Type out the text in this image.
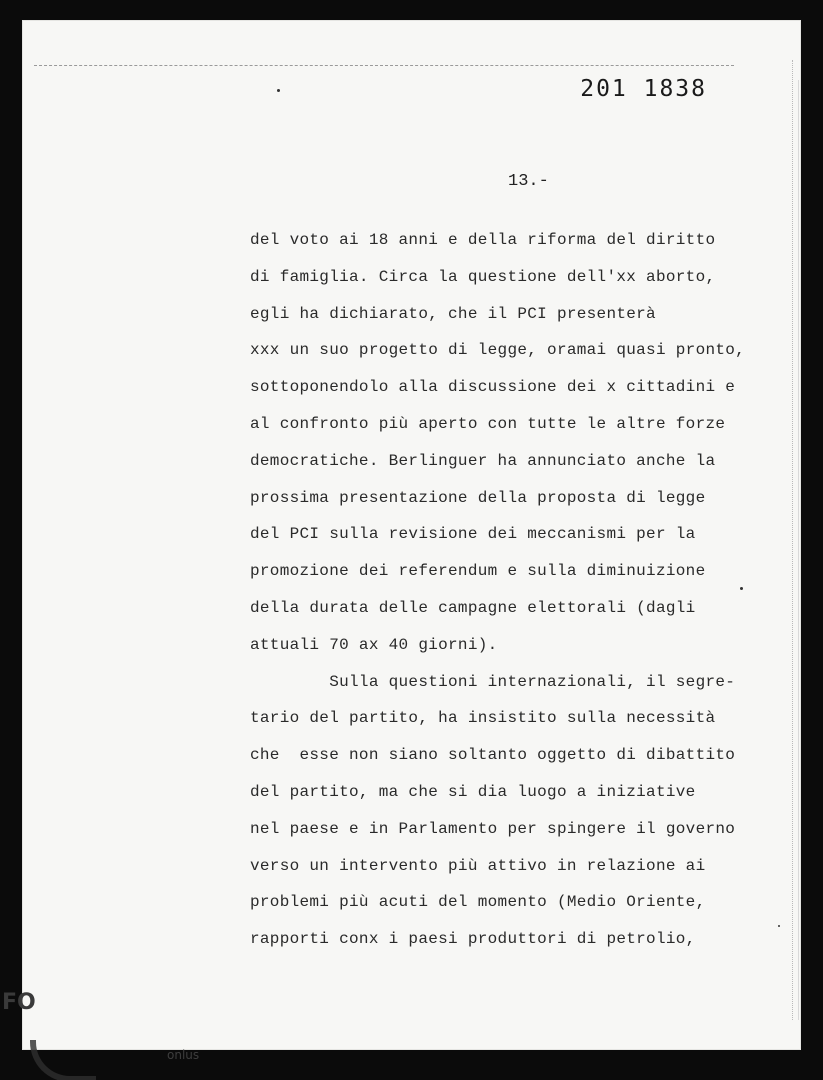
201 1838
13.-
del voto ai 18 anni e della riforma del diritto
di famiglia. Circa la questione dell'xx aborto,
egli ha dichiarato, che il PCI presenterà
xxx un suo progetto di legge, oramai quasi pronto,
sottoponendolo alla discussione dei x cittadini e
al confronto più aperto con tutte le altre forze
democratiche. Berlinguer ha annunciato anche la
prossima presentazione della proposta di legge
del PCI sulla revisione dei meccanismi per la
promozione dei referendum e sulla diminuizione
della durata delle campagne elettorali (dagli
attuali 70 ax 40 giorni).
Sulla questioni internazionali, il segre-
tario del partito, ha insistito sulla necessità
che  esse non siano soltanto oggetto di dibattito
del partito, ma che si dia luogo a iniziative
nel paese e in Parlamento per spingere il governo
verso un intervento più attivo in relazione ai
problemi più acuti del momento (Medio Oriente,
rapporti conx i paesi produttori di petrolio,
FO
onlus
